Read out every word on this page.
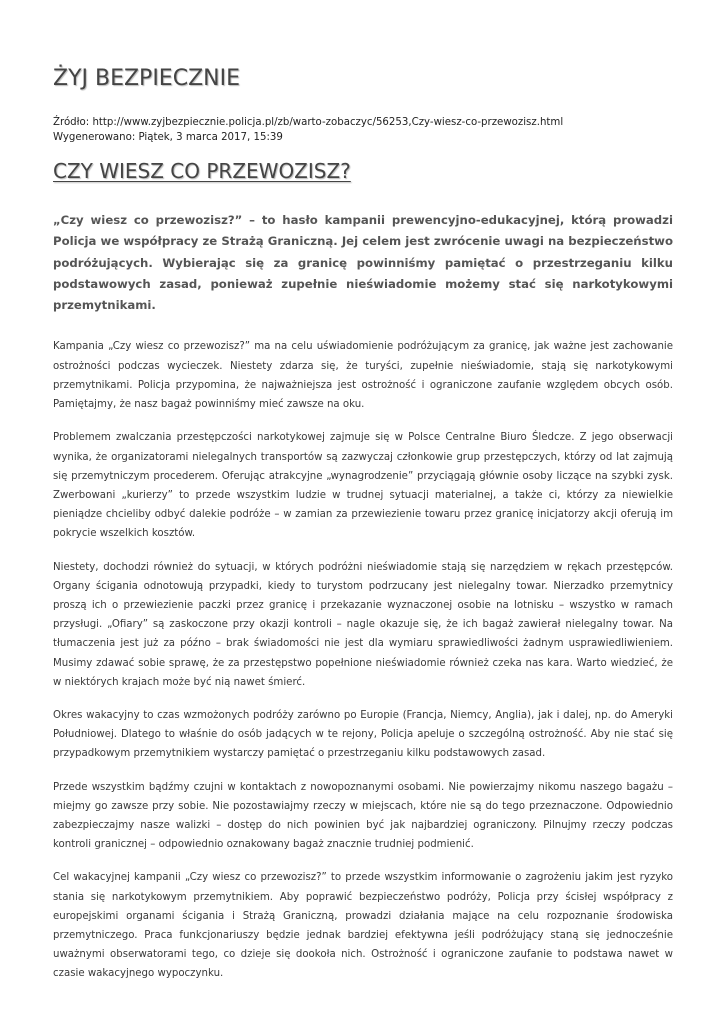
ŻYJ BEZPIECZNIE
Źródło: http://www.zyjbezpiecznie.policja.pl/zb/warto-zobaczyc/56253,Czy-wiesz-co-przewozisz.html
Wygenerowano: Piątek, 3 marca 2017, 15:39
CZY WIESZ CO PRZEWOZISZ?

„Czy wiesz co przewozisz?” – to hasło kampanii prewencyjno-edukacyjnej, którą prowadzi Policja we współpracy ze Strażą Graniczną. Jej celem jest zwrócenie uwagi na bezpieczeństwo podróżujących. Wybierając się za granicę powinniśmy pamiętać o przestrzeganiu kilku podstawowych zasad, ponieważ zupełnie nieświadomie możemy stać się narkotykowymi przemytnikami.

Kampania „Czy wiesz co przewozisz?” ma na celu uświadomienie podróżującym za granicę, jak ważne jest zachowanie ostrożności podczas wycieczek. Niestety zdarza się, że turyści, zupełnie nieświadomie, stają się narkotykowymi przemytnikami. Policja przypomina, że najważniejsza jest ostrożność i ograniczone zaufanie względem obcych osób. Pamiętajmy, że nasz bagaż powinniśmy mieć zawsze na oku.

Problemem zwalczania przestępczości narkotykowej zajmuje się w Polsce Centralne Biuro Śledcze. Z jego obserwacji wynika, że organizatorami nielegalnych transportów są zazwyczaj członkowie grup przestępczych, którzy od lat zajmują się przemytniczym procederem. Oferując atrakcyjne „wynagrodzenie” przyciągają głównie osoby liczące na szybki zysk. Zwerbowani „kurierzy” to przede wszystkim ludzie w trudnej sytuacji materialnej, a także ci, którzy za niewielkie pieniądze chcieliby odbyć dalekie podróże – w zamian za przewiezienie towaru przez granicę inicjatorzy akcji oferują im pokrycie wszelkich kosztów.

Niestety, dochodzi również do sytuacji, w których podróżni nieświadomie stają się narzędziem w rękach przestępców. Organy ścigania odnotowują przypadki, kiedy to turystom podrzucany jest nielegalny towar. Nierzadko przemytnicy proszą ich o przewiezienie paczki przez granicę i przekazanie wyznaczonej osobie na lotnisku – wszystko w ramach przysługi. „Ofiary” są zaskoczone przy okazji kontroli – nagle okazuje się, że ich bagaż zawierał nielegalny towar. Na tłumaczenia jest już za późno – brak świadomości nie jest dla wymiaru sprawiedliwości żadnym usprawiedliwieniem. Musimy zdawać sobie sprawę, że za przestępstwo popełnione nieświadomie również czeka nas kara. Warto wiedzieć, że w niektórych krajach może być nią nawet śmierć.

Okres wakacyjny to czas wzmożonych podróży zarówno po Europie (Francja, Niemcy, Anglia), jak i dalej, np. do Ameryki Południowej. Dlatego to właśnie do osób jadących w te rejony, Policja apeluje o szczególną ostrożność. Aby nie stać się przypadkowym przemytnikiem wystarczy pamiętać o przestrzeganiu kilku podstawowych zasad.

Przede wszystkim bądźmy czujni w kontaktach z nowopoznanymi osobami. Nie powierzajmy nikomu naszego bagażu – miejmy go zawsze przy sobie. Nie pozostawiajmy rzeczy w miejscach, które nie są do tego przeznaczone. Odpowiednio zabezpieczajmy nasze walizki – dostęp do nich powinien być jak najbardziej ograniczony. Pilnujmy rzeczy podczas kontroli granicznej – odpowiednio oznakowany bagaż znacznie trudniej podmienić.

Cel wakacyjnej kampanii „Czy wiesz co przewozisz?” to przede wszystkim informowanie o zagrożeniu jakim jest ryzyko stania się narkotykowym przemytnikiem. Aby poprawić bezpieczeństwo podróży, Policja przy ścisłej współpracy z europejskimi organami ścigania i Strażą Graniczną, prowadzi działania mające na celu rozpoznanie środowiska przemytniczego. Praca funkcjonariuszy będzie jednak bardziej efektywna jeśli podróżujący staną się jednocześnie uważnymi obserwatorami tego, co dzieje się dookoła nich. Ostrożność i ograniczone zaufanie to podstawa nawet w czasie wakacyjnego wypoczynku.
